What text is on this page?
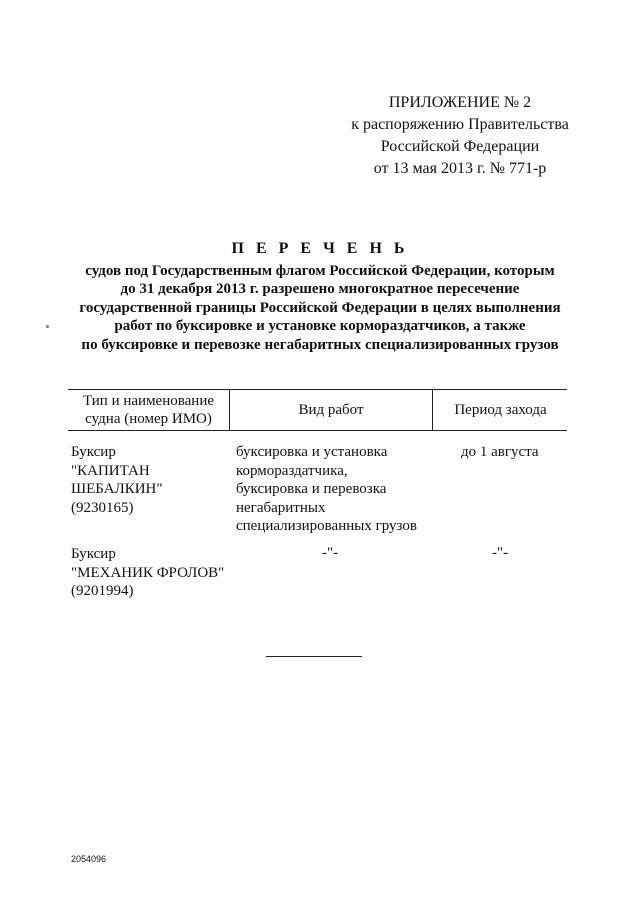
ПРИЛОЖЕНИЕ № 2
к распоряжению Правительства
Российской Федерации
от 13 мая 2013 г. № 771-р
П Е Р Е Ч Е Н Ь
судов под Государственным флагом Российской Федерации, которым
до 31 декабря 2013 г. разрешено многократное пересечение
государственной границы Российской Федерации в целях выполнения
работ по буксировке и установке кормораздатчиков, а также
по буксировке и перевозке негабаритных специализированных грузов
Тип и наименование
судна (номер ИМО)
Вид работ	Период захода
Буксир
"КАПИТАН
ШЕБАЛКИН"
(9230165)
буксировка и установка
кормораздатчика,
буксировка и перевозка
негабаритных
специализированных грузов
до 1 августа
Буксир
"МЕХАНИК ФРОЛОВ"
(9201994)
-"-	-"-
2054096
